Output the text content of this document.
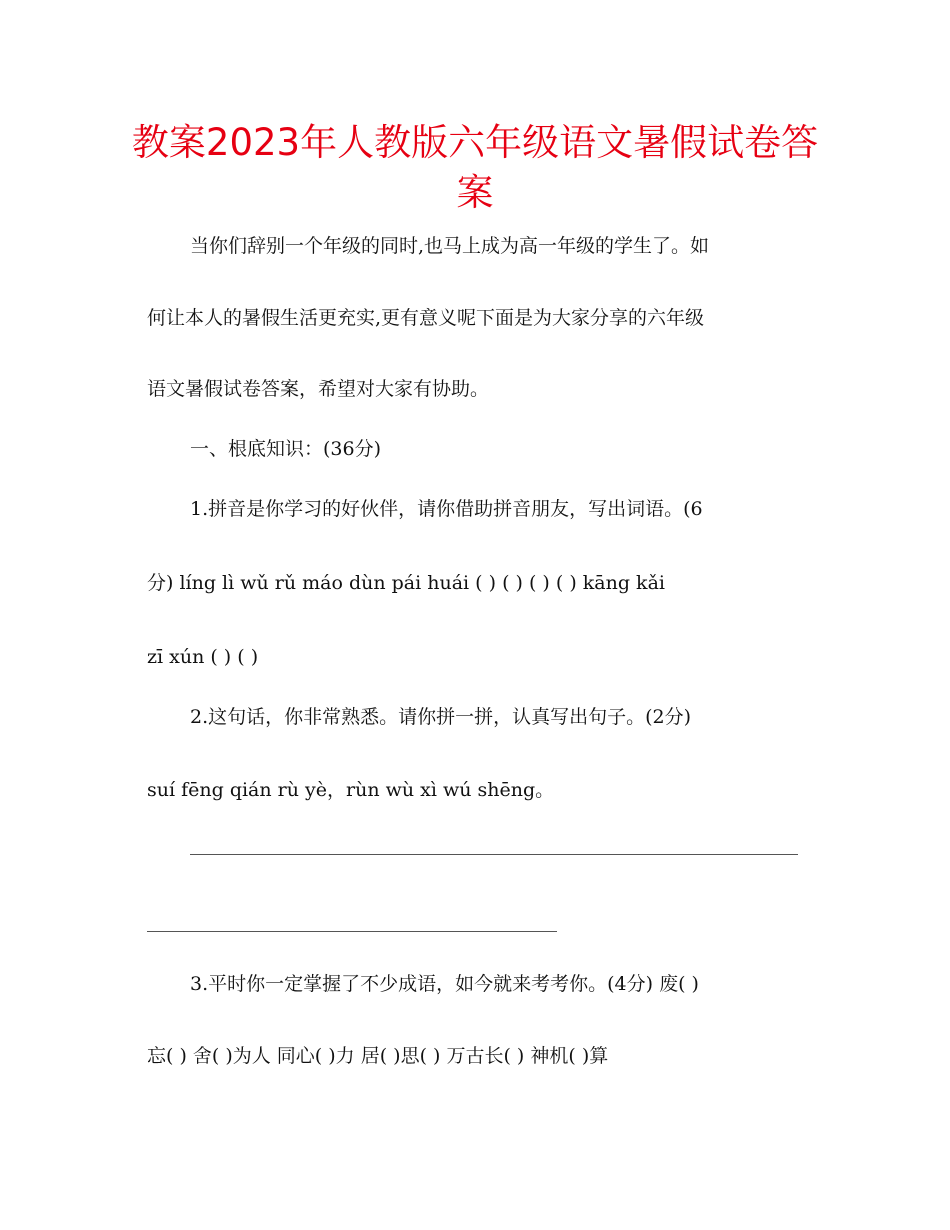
教案2023年人教版六年级语文暑假试卷答案
当你们辞别一个年级的同时,也马上成为高一年级的学生了。如
何让本人的暑假生活更充实,更有意义呢下面是为大家分享的六年级
语文暑假试卷答案，希望对大家有协助。
一、根底知识：(36分)
1.拼音是你学习的好伙伴，请你借助拼音朋友，写出词语。(6
分) líng lì wǔ rǔ máo dùn pái huái ( ) ( ) ( ) ( ) kāng kǎi
zī xún ( ) ( )
2.这句话，你非常熟悉。请你拼一拼，认真写出句子。(2分)
suí fēng qián rù yè，rùn wù xì wú shēng。
3.平时你一定掌握了不少成语，如今就来考考你。(4分) 废( )
忘( ) 舍( )为人 同心( )力 居( )思( ) 万古长( ) 神机( )算
